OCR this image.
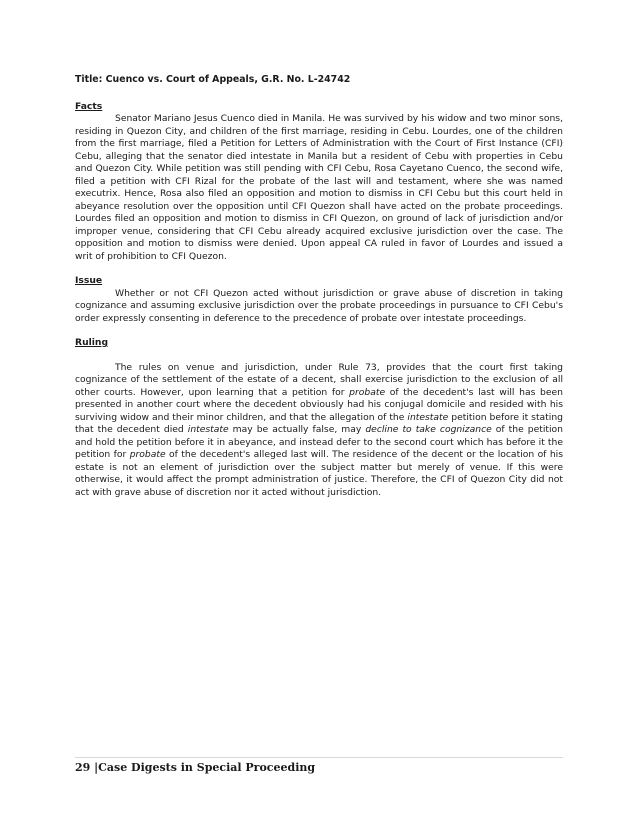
Title: Cuenco vs. Court of Appeals, G.R. No. L-24742
Facts

Senator Mariano Jesus Cuenco died in Manila. He was survived by his widow and two minor sons, residing in Quezon City, and children of the first marriage, residing in Cebu. Lourdes, one of the children from the first marriage, filed a Petition for Letters of Administration with the Court of First Instance (CFI) Cebu, alleging that the senator died intestate in Manila but a resident of Cebu with properties in Cebu and Quezon City. While petition was still pending with CFI Cebu, Rosa Cayetano Cuenco, the second wife, filed a petition with CFI Rizal for the probate of the last will and testament, where she was named executrix. Hence, Rosa also filed an opposition and motion to dismiss in CFI Cebu but this court held in abeyance resolution over the opposition until CFI Quezon shall have acted on the probate proceedings. Lourdes filed an opposition and motion to dismiss in CFI Quezon, on ground of lack of jurisdiction and/or improper venue, considering that CFI Cebu already acquired exclusive jurisdiction over the case. The opposition and motion to dismiss were denied. Upon appeal CA ruled in favor of Lourdes and issued a writ of prohibition to CFI Quezon.

Issue

Whether or not CFI Quezon acted without jurisdiction or grave abuse of discretion in taking cognizance and assuming exclusive jurisdiction over the probate proceedings in pursuance to CFI Cebu's order expressly consenting in deference to the precedence of probate over intestate proceedings.

Ruling

The rules on venue and jurisdiction, under Rule 73, provides that the court first taking cognizance of the settlement of the estate of a decent, shall exercise jurisdiction to the exclusion of all other courts. However, upon learning that a petition for probate of the decedent's last will has been presented in another court where the decedent obviously had his conjugal domicile and resided with his surviving widow and their minor children, and that the allegation of the intestate petition before it stating that the decedent died intestate may be actually false, may decline to take cognizance of the petition and hold the petition before it in abeyance, and instead defer to the second court which has before it the petition for probate of the decedent's alleged last will. The residence of the decent or the location of his estate is not an element of jurisdiction over the subject matter but merely of venue. If this were otherwise, it would affect the prompt administration of justice. Therefore, the CFI of Quezon City did not act with grave abuse of discretion nor it acted without jurisdiction.

29 |Case Digests in Special Proceeding
